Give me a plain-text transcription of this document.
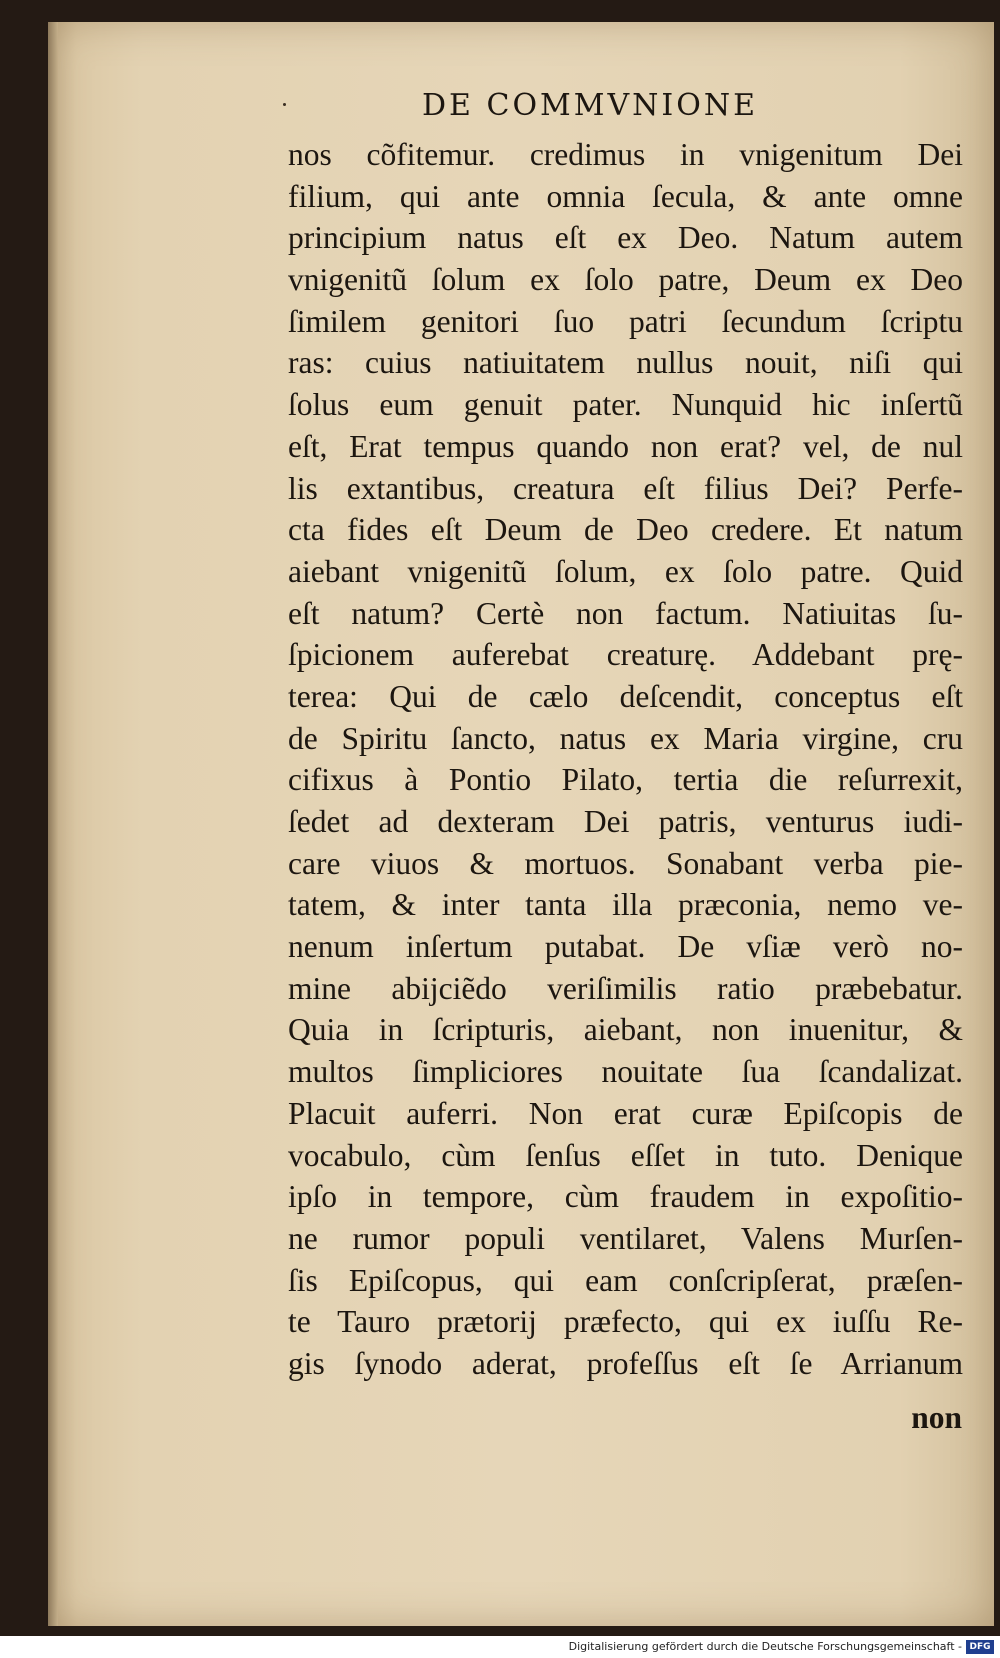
DE COMMVNIONE
nos cõfitemur. credimus in vnigenitum Dei
filium, qui ante omnia ſecula, & ante omne
principium natus eſt ex Deo. Natum autem
vnigenitũ ſolum ex ſolo patre, Deum ex Deo
ſimilem genitori ſuo patri ſecundum ſcriptu
ras: cuius natiuitatem nullus nouit, niſi qui
ſolus eum genuit pater. Nunquid hic inſertũ
eſt, Erat tempus quando non erat? vel, de nul
lis extantibus, creatura eſt filius Dei? Perfe-
cta fides eſt Deum de Deo credere. Et natum
aiebant vnigenitũ ſolum, ex ſolo patre. Quid
eſt natum? Certè non factum. Natiuitas ſu-
ſpicionem auferebat creaturę. Addebant prę-
terea: Qui de cælo deſcendit, conceptus eſt
de Spiritu ſancto, natus ex Maria virgine, cru
cifixus à Pontio Pilato, tertia die reſurrexit,
ſedet ad dexteram Dei patris, venturus iudi-
care viuos & mortuos. Sonabant verba pie-
tatem, & inter tanta illa præconia, nemo ve-
nenum inſertum putabat. De vſiæ verò no-
mine abijciẽdo veriſimilis ratio præbebatur.
Quia in ſcripturis, aiebant, non inuenitur, &
multos ſimpliciores nouitate ſua ſcandalizat.
Placuit auferri. Non erat curæ Epiſcopis de
vocabulo, cùm ſenſus eſſet in tuto. Denique
ipſo in tempore, cùm fraudem in expoſitio-
ne rumor populi ventilaret, Valens Murſen-
ſis Epiſcopus, qui eam conſcripſerat, præſen-
te Tauro prætorij præfecto, qui ex iuſſu Re-
gis ſynodo aderat, profeſſus eſt ſe Arrianum
non
Digitalisierung gefördert durch die Deutsche Forschungsgemeinschaft - DFG
